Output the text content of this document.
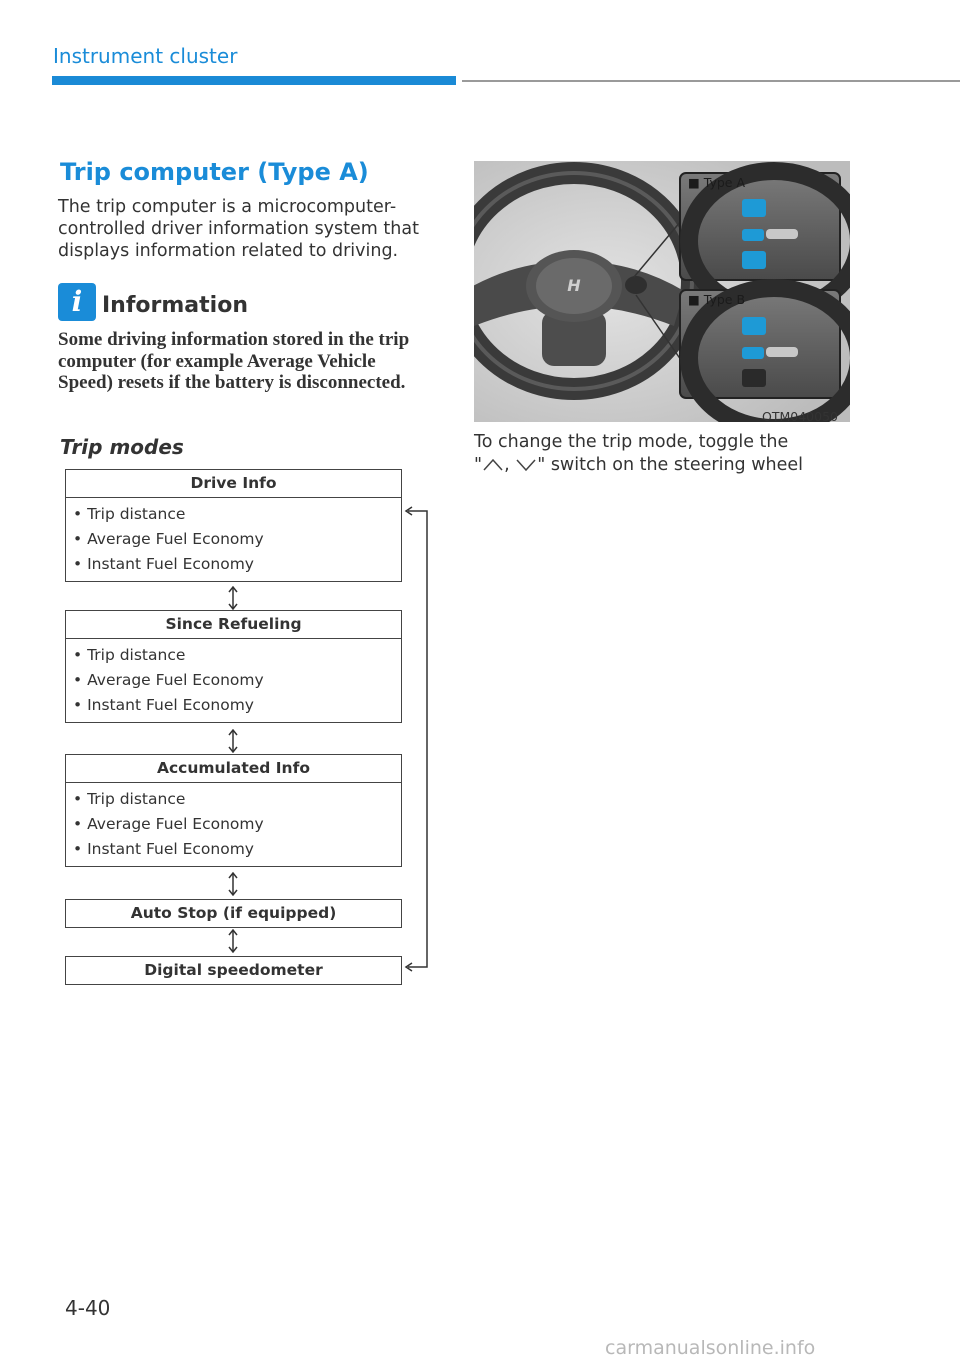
Instrument cluster
Trip computer (Type A)
The trip computer is a microcomputer-controlled driver information system that displays information related to driving.
i Information
Some driving information stored in the trip computer (for example Average Vehicle Speed) resets if the battery is disconnected.
Trip modes
Drive Info
• Trip distance
• Average Fuel Economy
• Instant Fuel Economy
Since Refueling
• Trip distance
• Average Fuel Economy
• Instant Fuel Economy
Accumulated Info
• Trip distance
• Average Fuel Economy
• Instant Fuel Economy
Auto Stop (if equipped)
Digital speedometer
H
■ Type A
■ Type B
OTM040050
To change the trip mode, toggle the
" , " switch on the steering wheel
4-40
carmanualsonline.info
